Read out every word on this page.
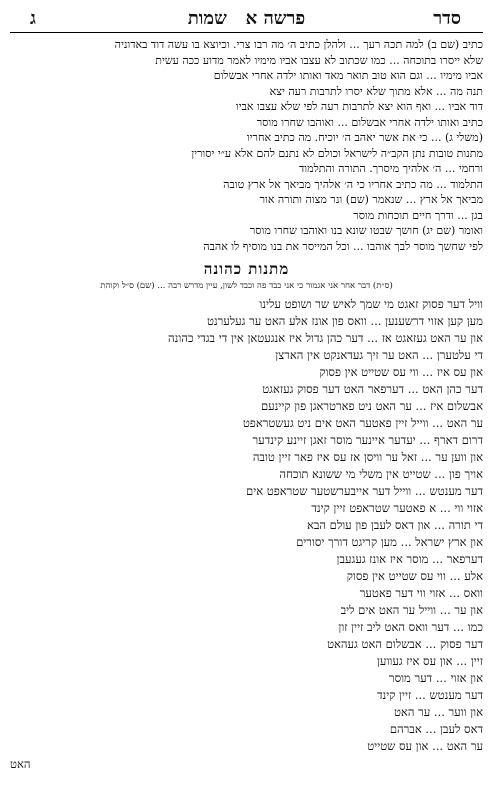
סדר
פרשה א   שמות
ג

כתיב (שם ב) למה תכה רעך ... ולהלן כתיב ה׳ מה רבו צרי. וכיוצא בו עשה דוד באדוניה

שלא ייסרו בתוכחה ... כמו שכתוב לא עצבו אביו מימיו לאמר מדוע ככה עשית

אביו מימיו ... וגם הוא טוב תואר מאד ואותו ילדה אחרי אבשלום

תנה מה ... אלא מתוך שלא יסרו לתרבות רעה יצא

דוד אביו ... ואף הוא יצא לתרבות רעה לפי שלא עצבו אביו

כתיב ואותו ילדה אחרי אבשלום ... ואוהבו שחרו מוסר

(משלי ג) ... כי את אשר יאהב ה׳ יוכיח. מה כתיב אחריו

מתנות טובות נתן הקב״ה לישראל וכולם לא נתנם להם אלא ע״י יסורין

ורחמי ... ה׳ אלהיך מיסרך. התורה והתלמוד

התלמוד ... מה כתיב אחריו כי ה׳ אלהיך מביאך אל ארץ טובה

מביאך אל ארץ ... שנאמר (שם) ונר מצוה ותורה אור

בגן ... ודרך חיים תוכחות מוסר

ואומר (שם יג) חושך שבטו שונא בנו ואוהבו שחרו מוסר

לפי שחשך מוסר לבך אוהבו ... וכל המייסר את בנו מוסיף לו אהבה

מתנות כהונה
(ס״ת) דבר אחר אני אגמור כי אני כבד פה וכבד לשון, עיין מדרש רבה ... (שם) ס״ל וקוהת

וויל דער פסוק זאגט מי שמך לאיש שר ושופט עלינו

מען קען אזוי דרשענען ... וואס פון אונז אלע האט ער געלערנט

און ער האט געזאגט אז ... דער כהן גדול איז אנגעטאן אין די בגדי כהונה

די עלטערן ... האט ער זיך געדאנקט אין הארצן

און עס איז ... ווי עס שטייט אין פסוק

דער כהן האט ... דערפאר האט דער פסוק געזאגט

אבשלום איז ... ער האט ניט פארטראגן פון קיינעם

ער האט ... ווייל זיין פאטער האט אים ניט געשטראפט

דרום דארף ... יעדער איינער מוסר זאגן זיינע קינדער

און ווען ער ... זאל ער וויסן אז עס איז פאר זיין טובה

אויך פון ... שטייט אין משלי מי ששונא תוכחה

דער מענטש ... ווייל דער אייבערשטער שטראפט אים

אזוי ווי ... א פאטער שטראפט זיין קינד

די תורה ... און דאס לעבן פון עולם הבא

און ארץ ישראל ... מען קריגט דורך יסורים

דערפאר ... מוסר איז אונז געגעבן

אלע ... ווי עס שטייט אין פסוק

וואס ... אזוי ווי דער פאטער

און ער ... ווייל ער האט אים ליב

כמו ... דער וואס האט ליב זיין זון

דער פסוק ... אבשלום האט געהאט

זיין ... און עס איז געווען

און אזוי ... דער מוסר

דער מענטש ... זיין קינד

און ווער ... ער האט

דאס לעבן ... אברהם

ער האט ... און עס שטייט

האט
